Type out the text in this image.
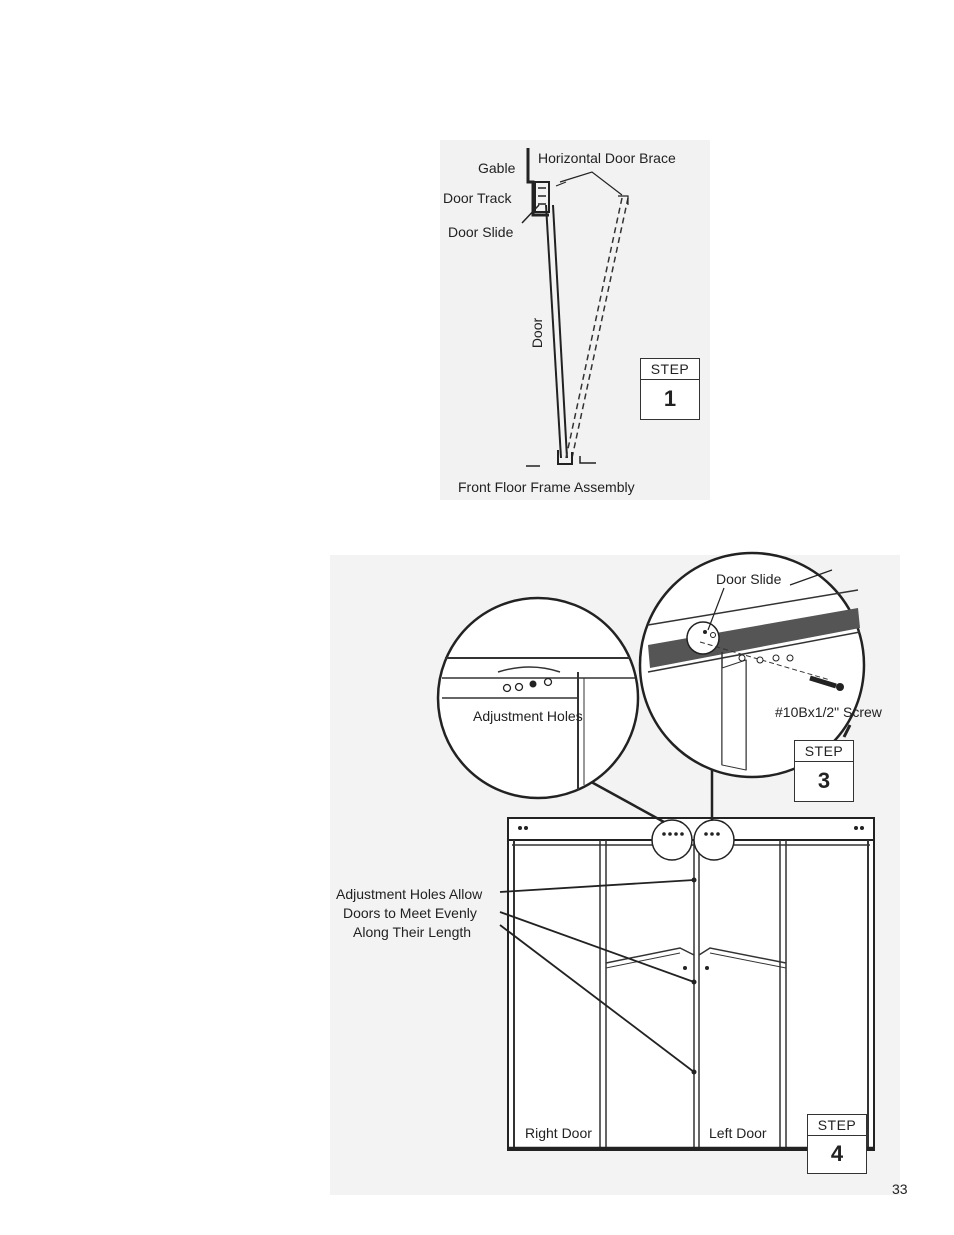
Gable
Horizontal Door Brace
Door Track
Door Slide
Door
Front Floor Frame Assembly
STEP
1
Door Slide
Adjustment Holes	#10Bx1/2" Screw
Adjustment Holes Allow
Doors to Meet Evenly
Along Their Length
Right Door	Left Door
STEP
3
STEP
4
33
